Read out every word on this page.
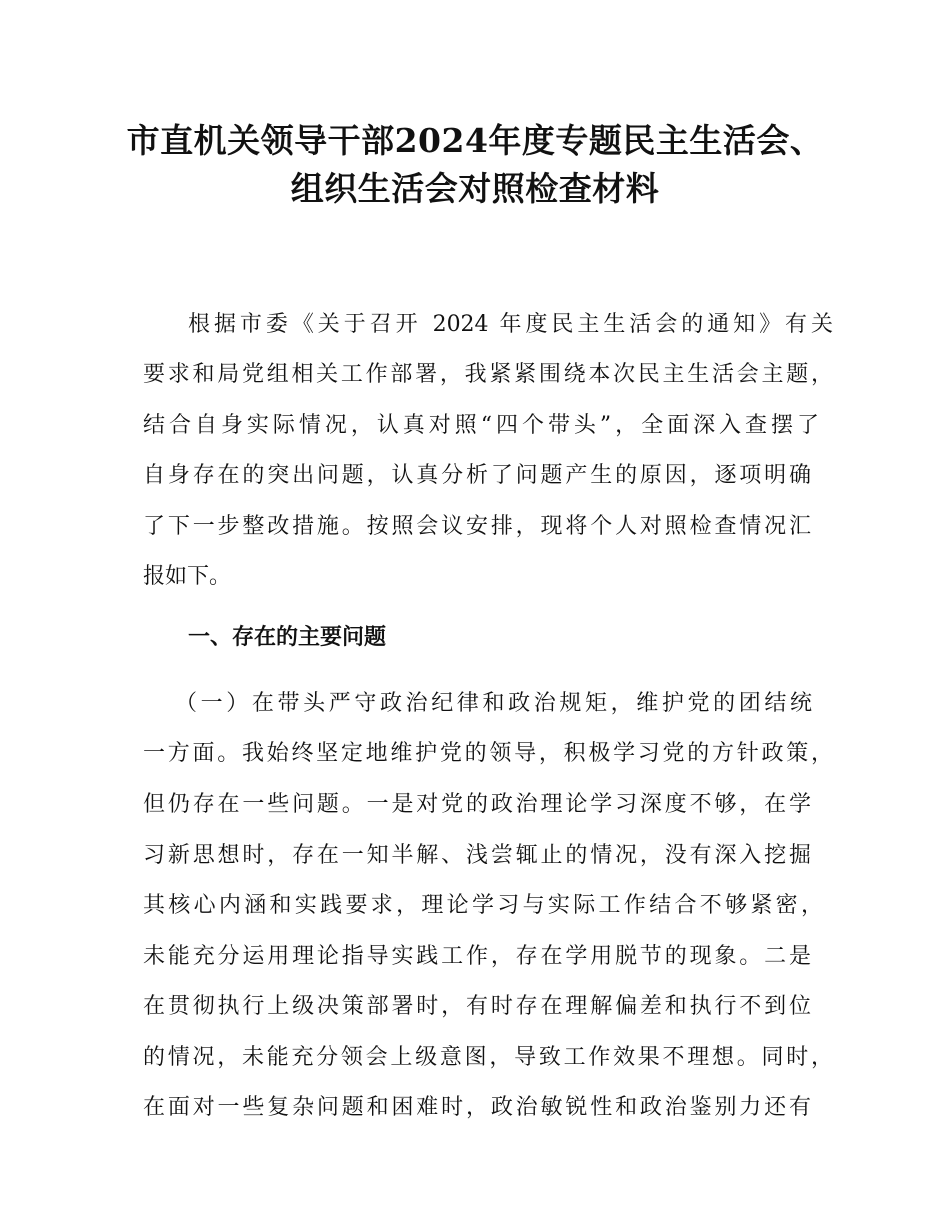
市直机关领导干部2024年度专题民主生活会、
组织生活会对照检查材料
根据市委《关于召开 2024 年度民主生活会的通知》有关
要求和局党组相关工作部署，我紧紧围绕本次民主生活会主题，
结合自身实际情况，认真对照“四个带头”，全面深入查摆了
自身存在的突出问题，认真分析了问题产生的原因，逐项明确
了下一步整改措施。按照会议安排，现将个人对照检查情况汇
报如下。
一、存在的主要问题
（一）在带头严守政治纪律和政治规矩，维护党的团结统
一方面。我始终坚定地维护党的领导，积极学习党的方针政策，
但仍存在一些问题。一是对党的政治理论学习深度不够，在学
习新思想时，存在一知半解、浅尝辄止的情况，没有深入挖掘
其核心内涵和实践要求，理论学习与实际工作结合不够紧密，
未能充分运用理论指导实践工作，存在学用脱节的现象。二是
在贯彻执行上级决策部署时，有时存在理解偏差和执行不到位
的情况，未能充分领会上级意图，导致工作效果不理想。同时，
在面对一些复杂问题和困难时，政治敏锐性和政治鉴别力还有
